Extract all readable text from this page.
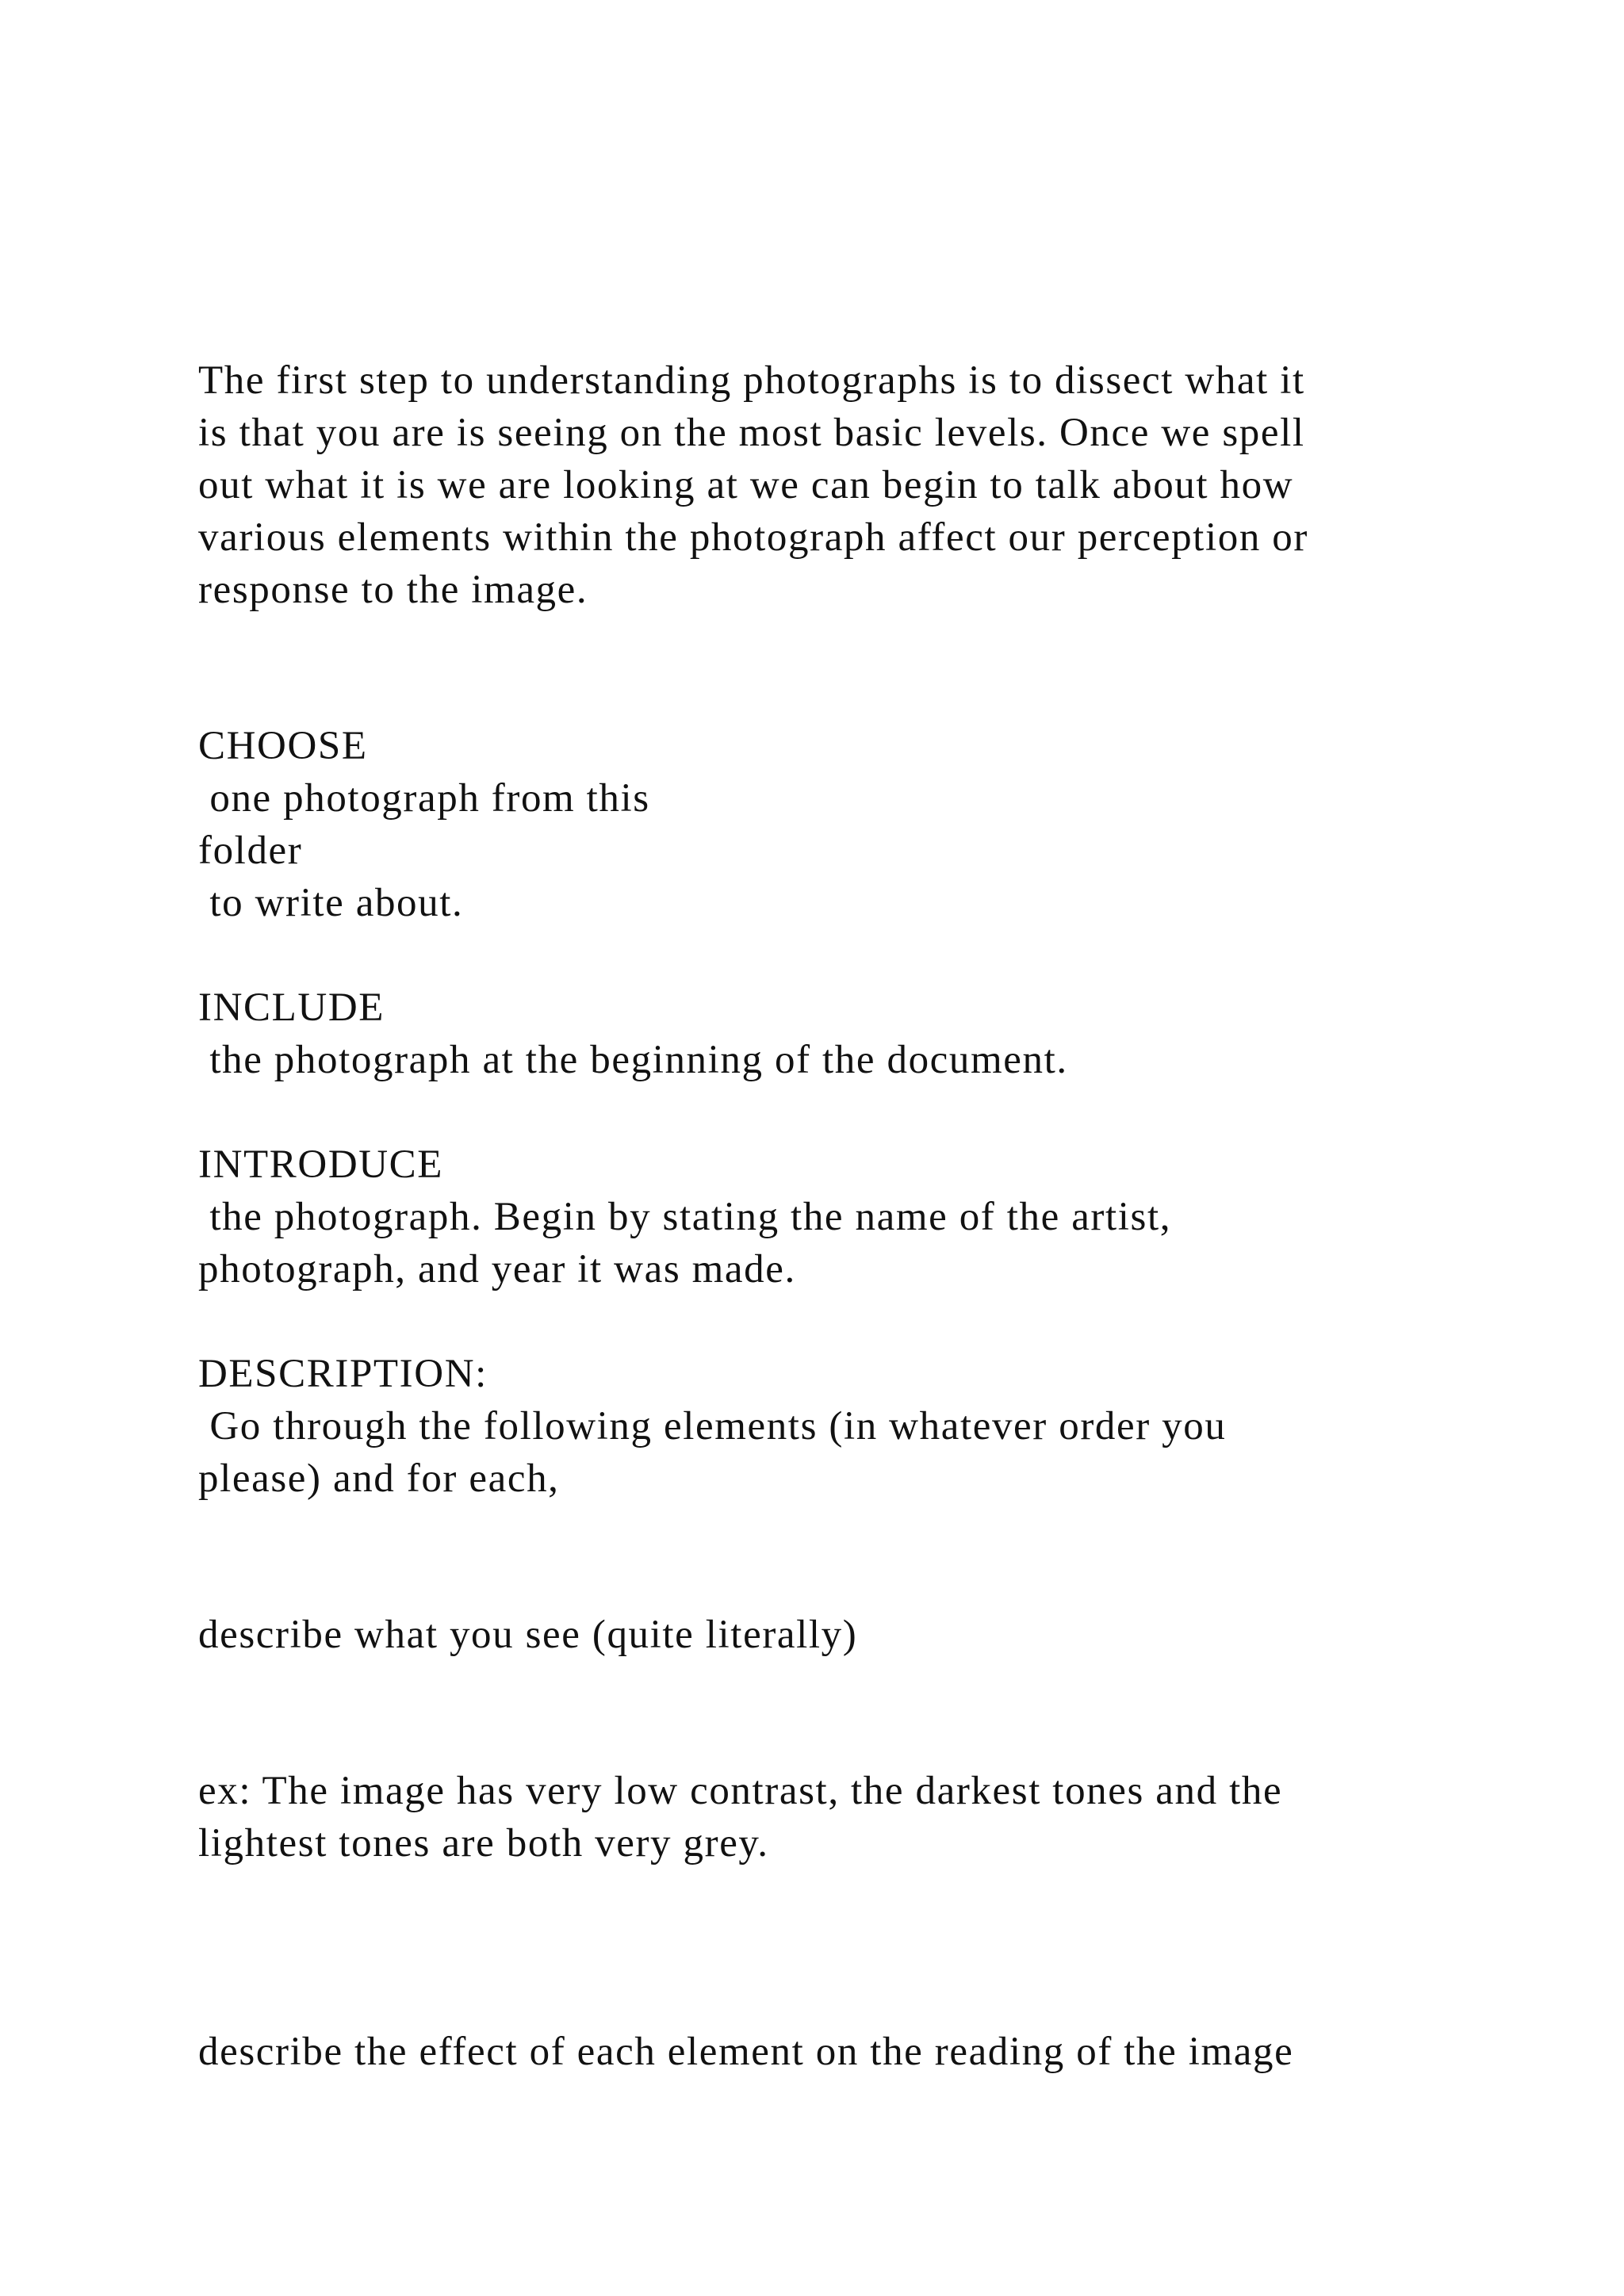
The first step to understanding photographs is to dissect what it

is that you are is seeing on the most basic levels. Once we spell

out what it is we are looking at we can begin to talk about how

various elements within the photograph affect our perception or

response to the image.

CHOOSE

one photograph from this

folder

to write about.

INCLUDE

the photograph at the beginning of the document.

INTRODUCE

the photograph. Begin by stating the name of the artist,

photograph, and year it was made.

DESCRIPTION:

Go through the following elements (in whatever order you

please) and for each,

describe what you see (quite literally)

ex: The image has very low contrast, the darkest tones and the

lightest tones are both very grey.

describe the effect of each element on the reading of the image
